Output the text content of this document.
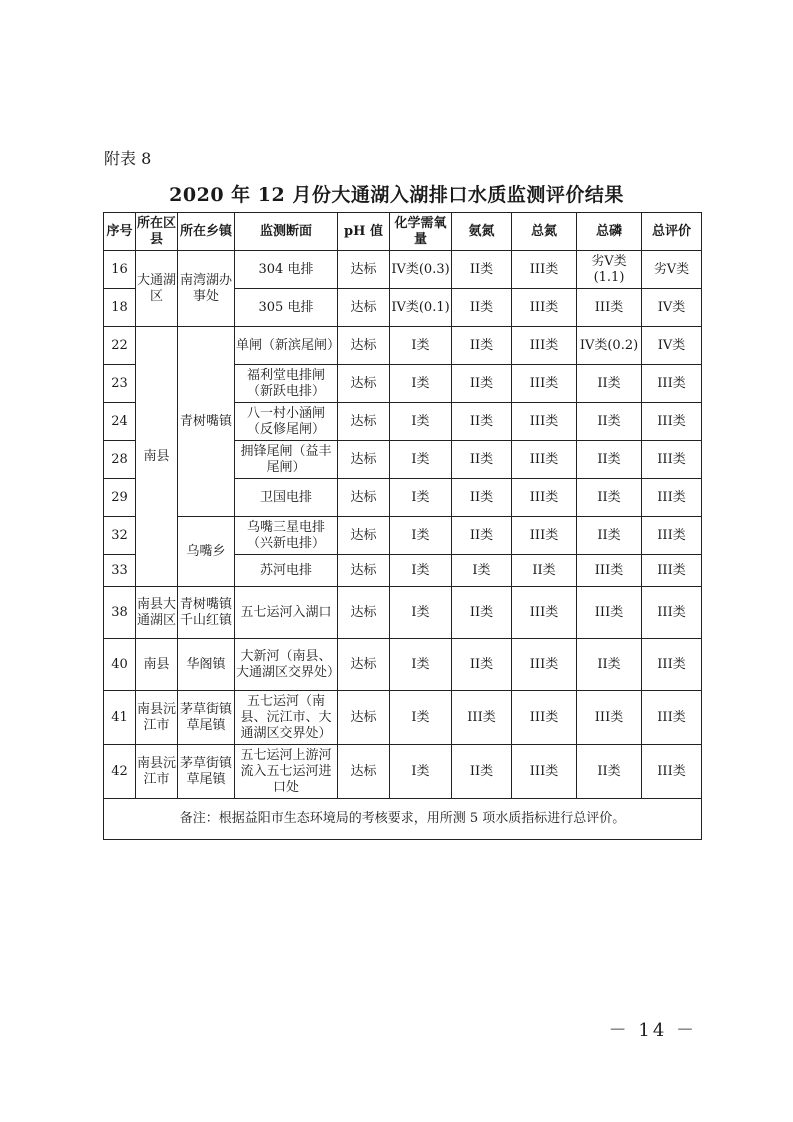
附表 8
2020 年 12 月份大通湖入湖排口水质监测评价结果
序号	所在区县	所在乡镇	监测断面	pH 值	化学需氧量	氨氮	总氮	总磷	总评价
16	大通湖区	南湾湖办事处	304 电排	达标	IV类(0.3)	II类	III类	劣V类(1.1)	劣V类
18			305 电排	达标	IV类(0.1)	II类	III类	III类	IV类
22	南县	青树嘴镇	单闸（新滨尾闸）	达标	I类	II类	III类	IV类(0.2)	IV类
23			福利堂电排闸（新跃电排）	达标	I类	II类	III类	II类	III类
24			八一村小涵闸（反修尾闸）	达标	I类	II类	III类	II类	III类
28			拥锋尾闸（益丰尾闸）	达标	I类	II类	III类	II类	III类
29			卫国电排	达标	I类	II类	III类	II类	III类
32		乌嘴乡	乌嘴三星电排（兴新电排）	达标	I类	II类	III类	II类	III类
33			苏河电排	达标	I类	I类	II类	III类	III类
38	南县大通湖区	青树嘴镇千山红镇	五七运河入湖口	达标	I类	II类	III类	III类	III类
40	南县	华阁镇	大新河（南县、大通湖区交界处）	达标	I类	II类	III类	II类	III类
41	南县沅江市	茅草街镇草尾镇	五七运河（南县、沅江市、大通湖区交界处）	达标	I类	III类	III类	III类	III类
42	南县沅江市	茅草街镇草尾镇	五七运河上游河流入五七运河进口处	达标	I类	II类	III类	II类	III类
备注：根据益阳市生态环境局的考核要求，用所测 5 项水质指标进行总评价。									
－ 14 －
